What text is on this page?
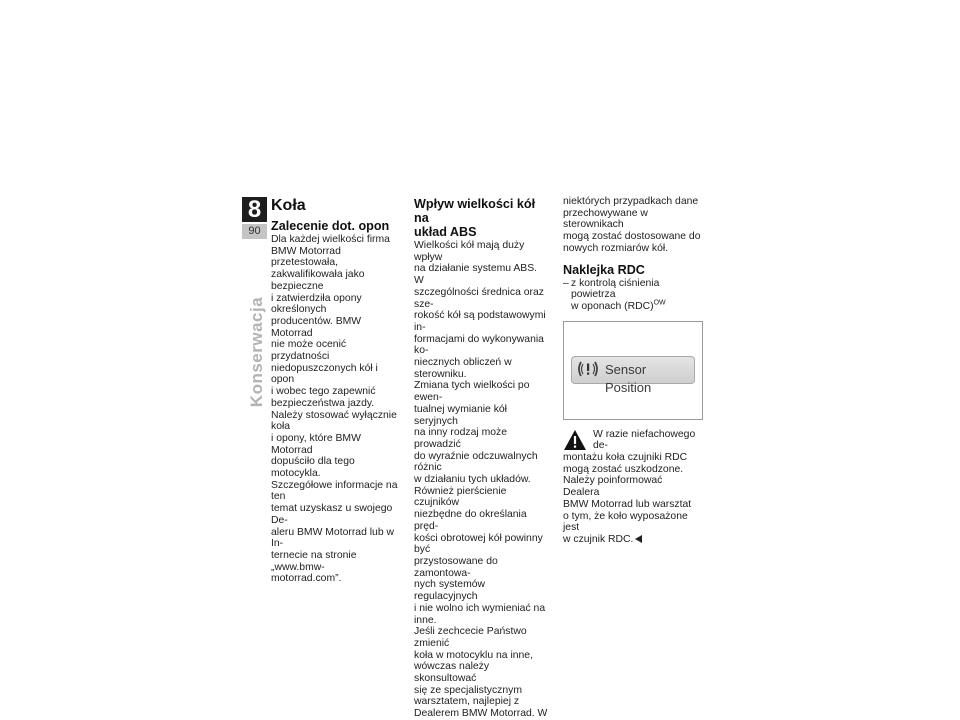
8
90
Konserwacja
Koła
Zalecenie dot. opon

Dla każdej wielkości firma
BMW Motorrad przetestowała,
zakwalifikowała jako bezpieczne
i zatwierdziła opony określonych
producentów. BMW Motorrad
nie może ocenić przydatności
niedopuszczonych kół i opon
i wobec tego zapewnić
bezpieczeństwa jazdy.
Należy stosować wyłącznie koła
i opony, które BMW Motorrad
dopuściło dla tego motocykla.
Szczegółowe informacje na ten
temat uzyskasz u swojego De-
aleru BMW Motorrad lub w In-
ternecie na stronie „www.bmw-
motorrad.com”.

Wpływ wielkości kół na
układ ABS

Wielkości kół mają duży wpływ
na działanie systemu ABS. W
szczególności średnica oraz sze-
rokość kół są podstawowymi in-
formacjami do wykonywania ko-
niecznych obliczeń w sterowniku.
Zmiana tych wielkości po ewen-
tualnej wymianie kół seryjnych
na inny rodzaj może prowadzić
do wyraźnie odczuwalnych różnic
w działaniu tych układów.
Również pierścienie czujników
niezbędne do określania pręd-
kości obrotowej kół powinny być
przystosowane do zamontowa-
nych systemów regulacyjnych
i nie wolno ich wymieniać na
inne.
Jeśli zechcecie Państwo zmienić
koła w motocyklu na inne,
wówczas należy skonsultować
się ze specjalistycznym
warsztatem, najlepiej z
Dealerem BMW Motorrad. W

niektórych przypadkach dane
przechowywane w sterownikach
mogą zostać dostosowane do
nowych rozmiarów kół.

Naklejka RDC
– z kontrolą ciśnienia powietrza
w oponach (RDC)$^{OW}$
Sensor Position

W razie niefachowego de-
montażu koła czujniki RDC
mogą zostać uszkodzone.
Należy poinformować Dealera
BMW Motorrad lub warsztat
o tym, że koło wyposażone jest
w czujnik RDC.
